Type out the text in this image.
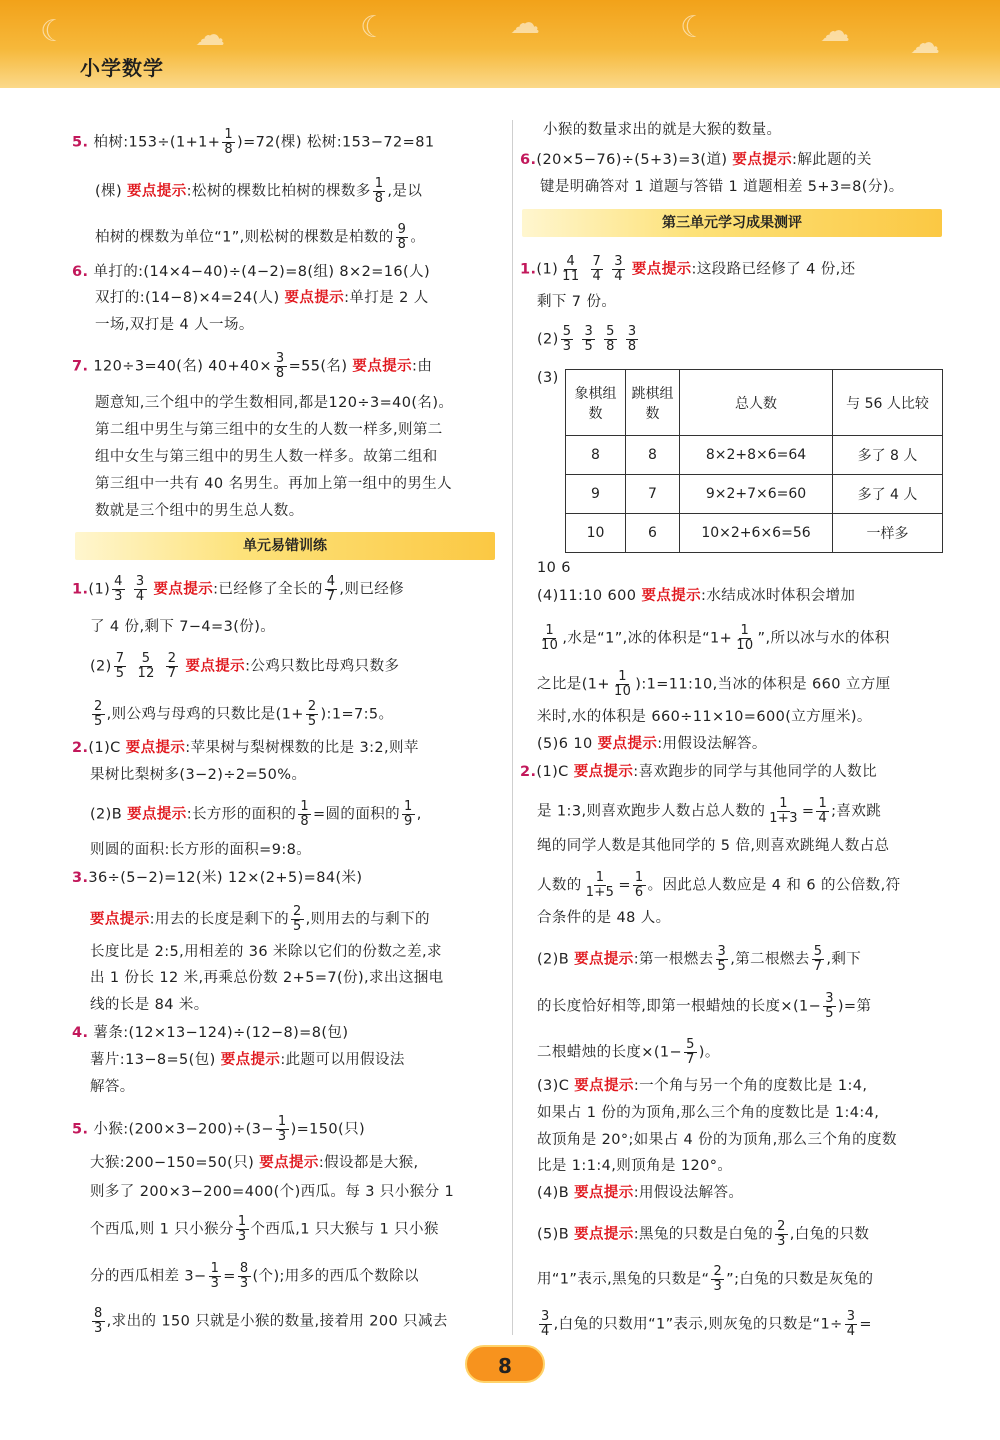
☾	☁	☾	☁	☾	☁ ☁
小学数学
5. 柏树:153÷(1+1+ $\frac{1}{8} )=72$(棵) 松树:153−72=81
(棵) 要点提示:松树的棵数比柏树的棵数多 $\frac{1}{8}$ ,是以
柏树的棵数为单位“1”,则松树的棵数是柏数的 $\frac{9}{8}$ 。
6. 单打的:(14×4−40)÷(4−2)=8(组) 8×2=16(人)
双打的:(14−8)×4=24(人) 要点提示:单打是 2 人
一场,双打是 4 人一场。
7. 120÷3=40(名) $40+40\times \frac{3}{8} =55$(名) 要点提示:由
题意知,三个组中的学生数相同,都是120÷3=40(名)。
第二组中男生与第三组中的女生的人数一样多,则第二
组中女生与第三组中的男生人数一样多。故第二组和
第三组中一共有 40 名男生。再加上第一组中的男生人
数就是三个组中的男生总人数。
单元易错训练
$1.(1) \frac{4}{3}$
$\frac{3}{4}$ 要点提示:已经修了全长的 $\frac{4}{7}$ ,则已经修
了 4 份,剩下 7−4=3(份)。
$(2) \frac{7}{5}$
$\frac{5}{12}$
$\frac{2}{7}$ 要点提示:公鸡只数比母鸡只数多
$\frac{2}{5}$ ,则公鸡与母鸡的只数比是($1+ \frac{2}{5}$ ):1=7:5。
2.(1)C 要点提示:苹果树与梨树棵数的比是 3:2,则苹
果树比梨树多(3−2)÷2=50%。
(2)B 要点提示:长方形的面积的 $\frac{1}{8}$ =圆的面积的 $\frac{1}{9}$ ,
则圆的面积:长方形的面积=9:8。
3.36÷(5−2)=12(米) 12×(2+5)=84(米)
要点提示:用去的长度是剩下的 $\frac{2}{5}$ ,则用去的与剩下的
长度比是 2:5,用相差的 36 米除以它们的份数之差,求
出 1 份长 12 米,再乘总份数 2+5=7(份),求出这捆电
线的长是 84 米。
4. 薯条:(12×13−124)÷(12−8)=8(包)
薯片:13−8=5(包) 要点提示:此题可以用假设法
解答。
5. 小猴:(200×3−200)÷(3− $\frac{1}{3} )=150$(只)
大猴:200−150=50(只) 要点提示:假设都是大猴,
则多了 200×3−200=400(个)西瓜。每 3 只小猴分 1
个西瓜,则 1 只小猴分 $\frac{1}{3}$ 个西瓜,1 只大猴与 1 只小猴
分的西瓜相差 $3- \frac{1}{3} = \frac{8}{3}$ (个);用多的西瓜个数除以
$\frac{8}{3}$ ,求出的 150 只就是小猴的数量,接着用 200 只减去
小猴的数量求出的就是大猴的数量。
6.(20×5−76)÷(5+3)=3(道) 要点提示:解此题的关
键是明确答对 1 道题与答错 1 道题相差 5+3=8(分)。
第三单元学习成果测评
$1.(1) \frac{4}{11}$
$\frac{7}{4}$
$\frac{3}{4}$ 要点提示:这段路已经修了 4 份,还
剩下 7 份。
$(2) \frac{5}{3}$
$\frac{3}{5}$
$\frac{5}{8}$
$\frac{3}{8}$
(3)
象棋组数	跳棋组数	总人数	与 56 人比较
8	8	8×2+8×6=64	多了 8 人
9	7	9×2+7×6=60	多了 4 人
10	6	10×2+6×6=56	一样多
10 6
(4)11:10 600 要点提示:水结成冰时体积会增加
$\frac{1}{10}$ ,水是“1”,冰的体积是“$1+ \frac{1}{10}$ ”,所以冰与水的体积
之比是($1+ \frac{1}{10}$ ):1=11:10,当冰的体积是 660 立方厘
米时,水的体积是 660÷11×10=600(立方厘米)。
(5)6 10 要点提示:用假设法解答。
2.(1)C 要点提示:喜欢跑步的同学与其他同学的人数比
是 1:3,则喜欢跑步人数占总人数的 $\frac{1}{1+3} = \frac{1}{4}$ ;喜欢跳
绳的同学人数是其他同学的 5 倍,则喜欢跳绳人数占总
人数的 $\frac{1}{1+5} = \frac{1}{6}$ 。因此总人数应是 4 和 6 的公倍数,符
合条件的是 48 人。
(2)B 要点提示:第一根燃去 $\frac{3}{5}$ ,第二根燃去 $\frac{5}{7}$ ,剩下
的长度恰好相等,即第一根蜡烛的长度$\times(1- \frac{3}{5}$ )=第
二根蜡烛的长度$\times(1- \frac{5}{7}$ )。
(3)C 要点提示:一个角与另一个角的度数比是 1:4,
如果占 1 份的为顶角,那么三个角的度数比是 1:4:4,
故顶角是 20°;如果占 4 份的为顶角,那么三个角的度数
比是 1:1:4,则顶角是 120°。
(4)B 要点提示:用假设法解答。
(5)B 要点提示:黑兔的只数是白兔的 $\frac{2}{3}$ ,白兔的只数
用“1”表示,黑兔的只数是“ $\frac{2}{3}$ ”;白兔的只数是灰兔的
$\frac{3}{4}$ ,白兔的只数用“1”表示,则灰兔的只数是“$1\div \frac{3}{4}$ =
8
